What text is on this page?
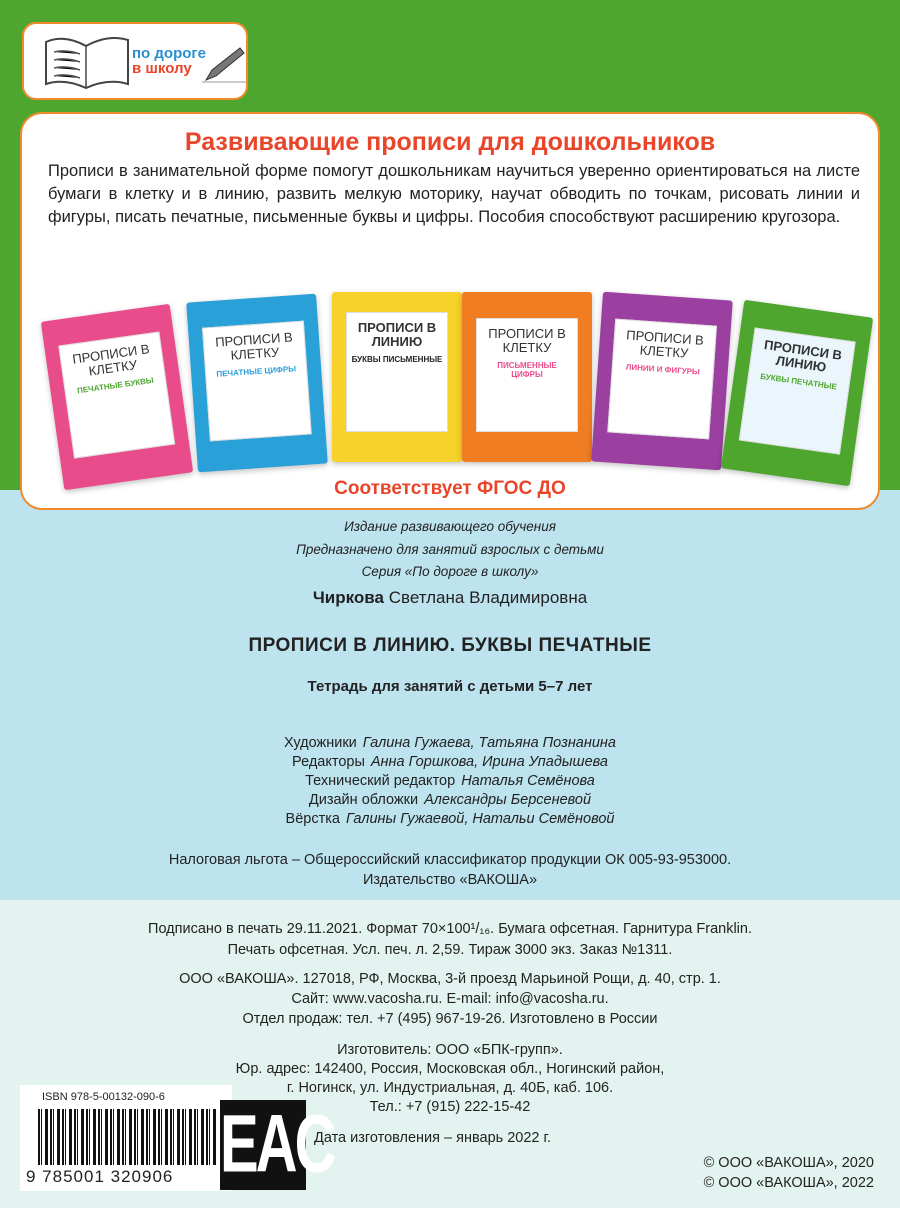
по дороге
в школу
Развивающие прописи для дошкольников
Прописи в занимательной форме помогут дошкольникам научиться уверенно ориентироваться на листе бумаги в клетку и в линию, развить мелкую моторику, научат обводить по точкам, рисовать линии и фигуры, писать печатные, письменные буквы и цифры. Пособия способствуют расширению кругозора.
ПРОПИСИ В КЛЕТКУ
ПЕЧАТНЫЕ БУКВЫ
ПРОПИСИ В КЛЕТКУ
ПЕЧАТНЫЕ ЦИФРЫ
ПРОПИСИ В ЛИНИЮ
БУКВЫ ПИСЬМЕННЫЕ
ПРОПИСИ В КЛЕТКУ
ПИСЬМЕННЫЕ ЦИФРЫ
ПРОПИСИ В КЛЕТКУ
ЛИНИИ И ФИГУРЫ
ПРОПИСИ В ЛИНИЮ
БУКВЫ ПЕЧАТНЫЕ
Соответствует ФГОС ДО
Издание развивающего обучения
Предназначено для занятий взрослых с детьми
Серия «По дороге в школу»
Чиркова Светлана Владимировна
ПРОПИСИ В ЛИНИЮ. БУКВЫ ПЕЧАТНЫЕ
Тетрадь для занятий с детьми 5–7 лет
Художники Галина Гужаева, Татьяна Познанина
Редакторы Анна Горшкова, Ирина Упадышева
Технический редактор Наталья Семёнова
Дизайн обложки Александры Берсеневой
Вёрстка Галины Гужаевой, Натальи Семёновой
Налоговая льгота – Общероссийский классификатор продукции ОК 005-93-953000.
Издательство «ВАКОША»
Подписано в печать 29.11.2021. Формат 70×100¹/₁₆. Бумага офсетная. Гарнитура Franklin.
Печать офсетная. Усл. печ. л. 2,59. Тираж 3000 экз. Заказ №1311.
ООО «ВАКОША». 127018, РФ, Москва, 3-й проезд Марьиной Рощи, д. 40, стр. 1.
Сайт: www.vacosha.ru. E-mail: info@vacosha.ru.
Отдел продаж: тел. +7 (495) 967-19-26. Изготовлено в России
Изготовитель: ООО «БПК-групп».
Юр. адрес: 142400, Россия, Московская обл., Ногинский район,
г. Ногинск, ул. Индустриальная, д. 40Б, каб. 106.
Тел.: +7 (915) 222-15-42
Дата изготовления – январь 2022 г.
© ООО «ВАКОША», 2020
© ООО «ВАКОША», 2022
ISBN 978-5-00132-090-6
9 785001 320906 EAC
